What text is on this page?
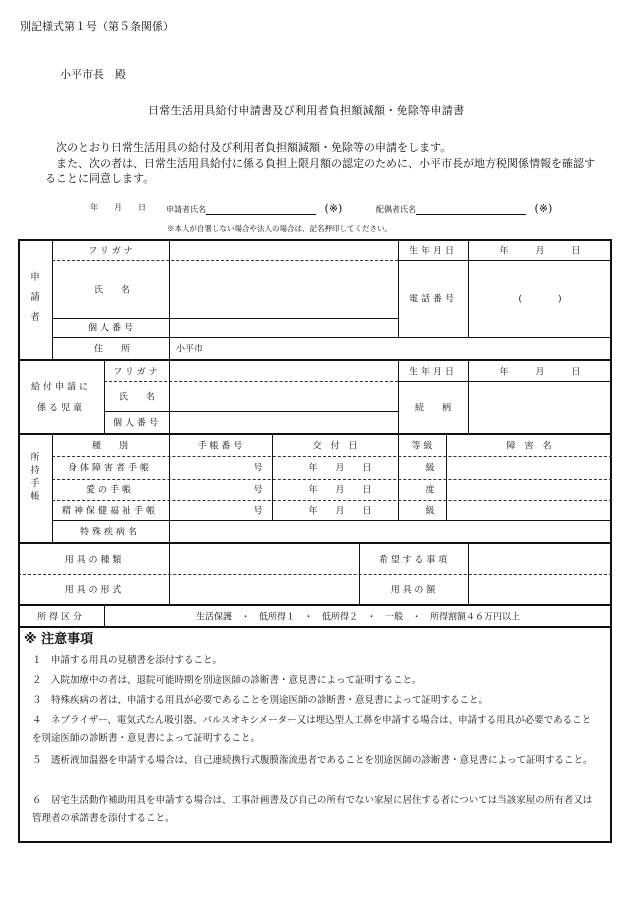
別記様式第１号（第５条関係）
小平市長　殿
日常生活用具給付申請書及び利用者負担額減額・免除等申請書
次のとおり日常生活用具の給付及び利用者負担額減額・免除等の申請をします。
また、次の者は、日常生活用具給付に係る負担上限月額の認定のために、小平市長が地方税関係情報を確認することに同意します。
年　　月　　日	申請者氏名	(※)	配偶者氏名	(※)
※本人が自署しない場合や法人の場合は、記名押印してください。
申請者
フリガナ
氏　　名
個人番号
住　　所	小平市
生年月日	年　　　月　　　日
電話番号	(　　　　)
給付申請に
係る児童
フリガナ
氏　　名
個人番号
生年月日	年　　　月　　　日
続　　柄
所持手帳
種　　別	手 帳 番 号	交　付　日	等 級	障　害　名
身体障害者手帳	号	年　　月　　日	級
愛の手帳	号	年　　月　　日	度
精神保健福祉手帳	号	年　　月　　日	級
特殊疾病名
用 具 の 種 類
用 具 の 形 式
希 望 す る 事 項
用 具 の 額
所得区分	生活保護　・　低所得１　・　低所得２　・　一般　・　所得割額４６万円以上
※ 注意事項
１　申請する用具の見積書を添付すること。
２　入院加療中の者は、退院可能時期を別途医師の診断書・意見書によって証明すること。
３　特殊疾病の者は、申請する用具が必要であることを別途医師の診断書・意見書によって証明すること。
４　ネブライザー、電気式たん吸引器、パルスオキシメーター又は埋込型人工鼻を申請する場合は、申請する用具が必要であることを別途医師の診断書・意見書によって証明すること。
５　透析液加温器を申請する場合は、自己連続携行式腹膜潅流患者であることを別途医師の診断書・意見書によって証明すること。
６　居宅生活動作補助用具を申請する場合は、工事計画書及び自己の所有でない家屋に居住する者については当該家屋の所有者又は管理者の承諾書を添付すること。
